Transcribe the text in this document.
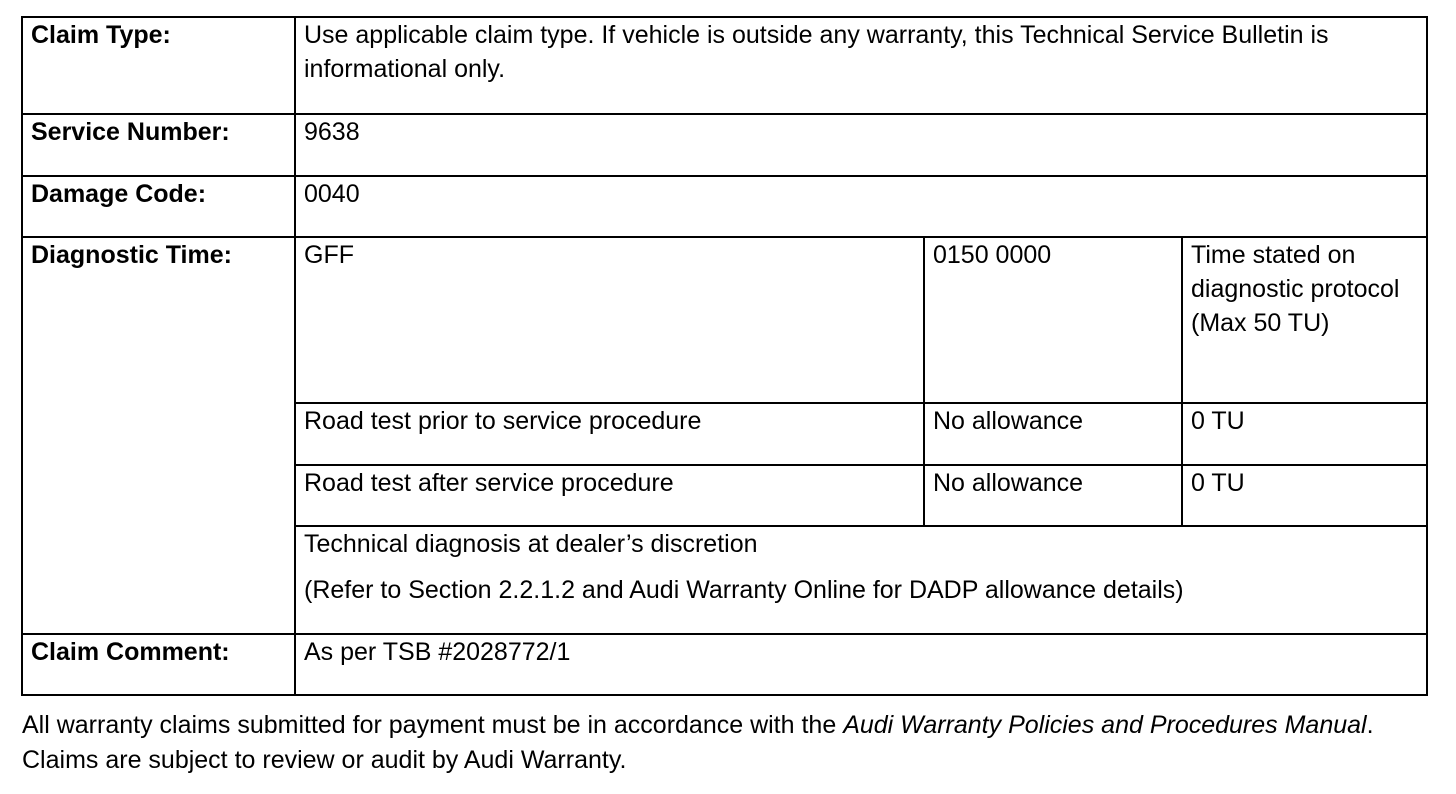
Claim Type:	Use applicable claim type. If vehicle is outside any warranty, this Technical Service Bulletin is informational only.		
Service Number:	9638		
Damage Code:	0040		
Diagnostic Time:	GFF	0150 0000	Time stated on diagnostic protocol (Max 50 TU)
	Road test prior to service procedure	No allowance	0 TU
	Road test after service procedure	No allowance	0 TU
	Technical diagnosis at dealer’s discretion
(Refer to Section 2.2.1.2 and Audi Warranty Online for DADP allowance details)		

Claim Comment:	As per TSB #2028772/1		

All warranty claims submitted for payment must be in accordance with the Audi Warranty Policies and Procedures Manual. Claims are subject to review or audit by Audi Warranty.
